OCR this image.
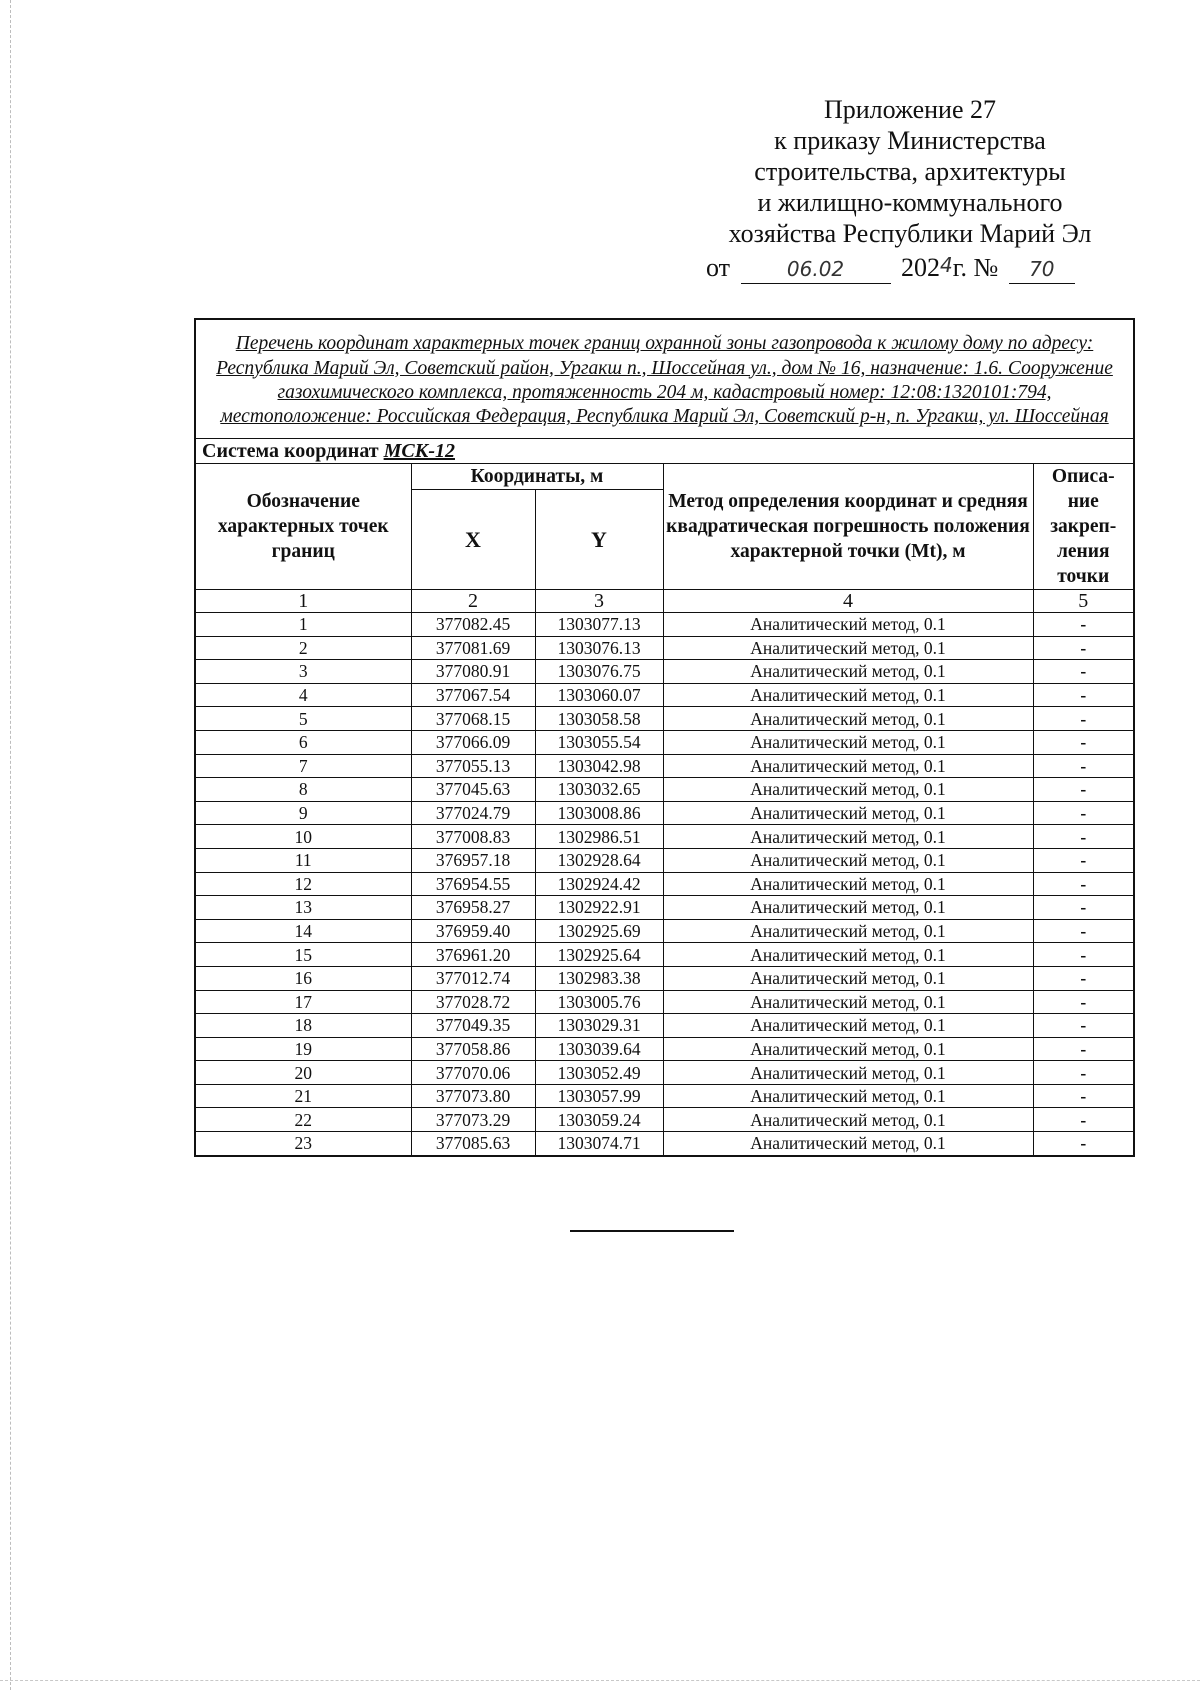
Приложение 27
к приказу Министерства
строительства, архитектуры
и жилищно-коммунального
хозяйства Республики Марий Эл
от	06.02 2024г. № 70
Перечень координат характерных точек границ охранной зоны газопровода к жилому дому по адресу: Республика Марий Эл, Советский район, Ургакш п., Шоссейная ул., дом № 16, назначение: 1.6. Сооружение газохимического комплекса, протяженность 204 м, кадастровый номер: 12:08:1320101:794, местоположение: Российская Федерация, Республика Марий Эл, Советский р-н, п. Ургакш, ул. Шоссейная				
Система координат МСК-12				
Обозначение характерных точек границ	Координаты, м		Метод определения координат и средняя квадратическая погрешность положения характерной точки (Mt), м	Описа- ние закреп- ления точки
	X	Y		
1	2	3	4	5
1	377082.45	1303077.13	Аналитический метод, 0.1	-
2	377081.69	1303076.13	Аналитический метод, 0.1	-
3	377080.91	1303076.75	Аналитический метод, 0.1	-
4	377067.54	1303060.07	Аналитический метод, 0.1	-
5	377068.15	1303058.58	Аналитический метод, 0.1	-
6	377066.09	1303055.54	Аналитический метод, 0.1	-
7	377055.13	1303042.98	Аналитический метод, 0.1	-
8	377045.63	1303032.65	Аналитический метод, 0.1	-
9	377024.79	1303008.86	Аналитический метод, 0.1	-
10	377008.83	1302986.51	Аналитический метод, 0.1	-
11	376957.18	1302928.64	Аналитический метод, 0.1	-
12	376954.55	1302924.42	Аналитический метод, 0.1	-
13	376958.27	1302922.91	Аналитический метод, 0.1	-
14	376959.40	1302925.69	Аналитический метод, 0.1	-
15	376961.20	1302925.64	Аналитический метод, 0.1	-
16	377012.74	1302983.38	Аналитический метод, 0.1	-
17	377028.72	1303005.76	Аналитический метод, 0.1	-
18	377049.35	1303029.31	Аналитический метод, 0.1	-
19	377058.86	1303039.64	Аналитический метод, 0.1	-
20	377070.06	1303052.49	Аналитический метод, 0.1	-
21	377073.80	1303057.99	Аналитический метод, 0.1	-
22	377073.29	1303059.24	Аналитический метод, 0.1	-
23	377085.63	1303074.71	Аналитический метод, 0.1	-
